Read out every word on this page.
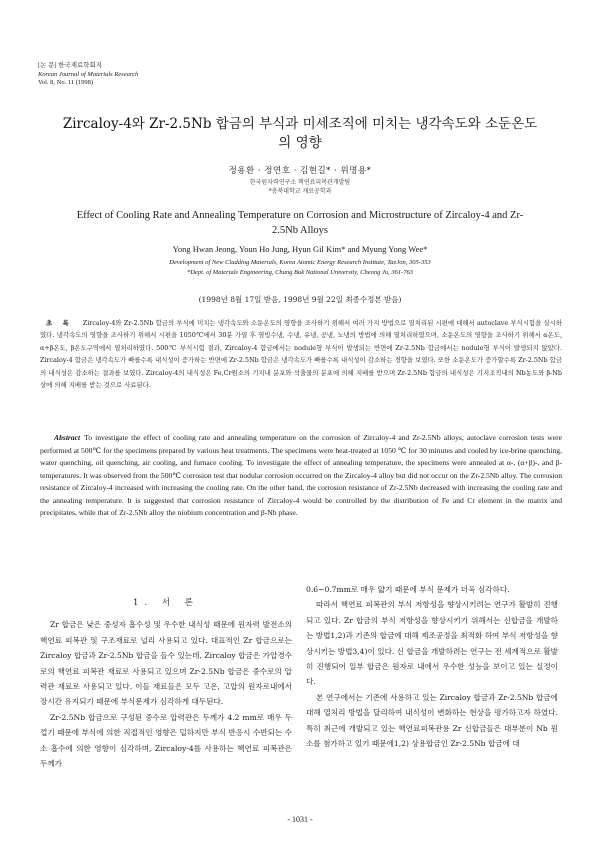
[논 문] 한국재료학회지
Korean Journal of Materials Research
Vol. 8, No. 11 (1998)
Zircaloy-4와 Zr-2.5Nb 합금의 부식과 미세조직에 미치는 냉각속도와 소둔온도의 영향
정용환 · 정연호 · 김현길* · 위명용*
한국원자력연구소 핵연료피복관개발팀
*충북대학교 재료공학과
Effect of Cooling Rate and Annealing Temperature on Corrosion and Microstructure of Zircaloy-4 and Zr-2.5Nb Alloys
Yong Hwan Jeong, Youn Ho Jung, Hyun Gil Kim* and Myung Yong Wee*
Development of New Cladding Materials, Korea Atomic Energy Research Institute, TaeJon, 305-353
*Dept. of Materials Engineering, Chung Buk National University, Cheong Ju, 361-763
(1998년 8월 17일 받음, 1998년 9월 22일 최종수정본 받음)
초 록 Zircaloy-4와 Zr-2.5Nb 합금의 부식에 미치는 냉각속도와 소둔온도의 영향을 조사하기 위해서 여러 가지 방법으로 열처리된 시편에 대해서 autoclave 부식시험을 실시하였다. 냉각속도의 영향을 조사하기 위해서 시편을 1050℃에서 30분 가열 후 염빙수냉, 수냉, 유냉, 공냉, 노냉의 방법에 의해 열처리하였으며, 소둔온도의 영향을 조사하기 위해서 α온도, α+β온도, β온도구역에서 열처리하였다. 500℃ 부식시험 결과, Zircaloy-4 합금에서는 nodule형 부식이 발생되는 반면에 Zr-2.5Nb 합금에서는 nodule형 부식이 발생되지 않았다. Zircaloy-4 합금은 냉각속도가 빠를수록 내식성이 증가하는 반면에 Zr-2.5Nb 합금은 냉각속도가 빠를수록 내식성이 감소하는 경향을 보였다. 또한 소둔온도가 증가할수록 Zr-2.5Nb 합금의 내식성은 감소하는 결과를 보였다. Zircaloy-4의 내식성은 Fe,Cr원소의 기지내 분포와 석출물의 분포에 의해 지배를 받으며 Zr-2.5Nb 합금의 내식성은 기지조직내의 Nb농도와 β-Nb상에 의해 지배를 받는 것으로 사료된다.
Abstract To investigate the effect of cooling rate and annealing temperature on the corrosion of Zircaloy-4 and Zr-2.5Nb alloys, autoclave corrosion tests were performed at 500℃ for the specimens prepared by various heat treatments. The specimens were heat-treated at 1050 ℃ for 30 minutes and cooled by ice-brine quenching, water quenching, oil quenching, air cooling, and furnace cooling. To investigate the effect of annealing temperature, the specimens were annealed at α-, (α+β)-, and β-temperatures. It was observed from the 500℃ corrosion test that nodular corrosion occurred on the Zircaloy-4 alloy but did not occur on the Zr-2.5Nb alloy. The corrosion resistance of Zircaloy-4 increased with increasing the cooling rate. On the other hand, the corrosion resistance of Zr-2.5Nb decreased with increasing the cooling rate and the annealing temperature. It is suggested that corrosion resistance of Zircaloy-4 would be controlled by the distribution of Fe and Cr element in the matrix and precipitates, while that of Zr-2.5Nb alloy the niobium concentration and β-Nb phase.
1. 서 론

Zr 합금은 낮은 중성자 흡수성 및 우수한 내식성 때문에 원자력 발전소의 핵연료 피복관 및 구조재료로 널리 사용되고 있다. 대표적인 Zr 합금으로는 Zircaloy 합금과 Zr-2.5Nb 합금을 들수 있는데, Zircaloy 합금은 가압경수로의 핵연료 피복관 재료로 사용되고 있으며 Zr-2.5Nb 합금은 중수로의 압력관 재료로 사용되고 있다. 이들 재료들은 모두 고온, 고압의 원자로내에서 장시간 유지되기 때문에 부식문제가 심각하게 대두된다.

Zr-2.5Nb 합금으로 구성된 중수로 압력관은 두께가 4.2 mm로 매우 두껍기 때문에 부식에 의한 직접적인 영향은 덜하지만 부식 반응시 수반되는 수소 흡수에 의한 영향이 심각하며, Zircaloy-4를 사용하는 핵연료 피복관은 두께가

0.6~0.7mm로 매우 얇기 때문에 부식 문제가 더욱 심각하다.

따라서 핵연료 피복관의 부식 저항성을 향상시키려는 연구가 활발히 진행되고 있다. Zr 합금의 부식 저항성을 향상시키기 위해서는 신합금을 개발하는 방법1,2)과 기존의 합금에 대해 제조공정을 최적화 하여 부식 저항성을 향상시키는 방법3,4)이 있다. 신 합금을 개발하려는 연구는 전 세계적으로 활발히 진행되어 일부 합금은 원자로 내에서 우수한 성능을 보이고 있는 실정이다.

본 연구에서는 기존에 사용하고 있는 Zircaloy 합금과 Zr-2.5Nb 합금에 대해 열처리 방법을 달리하여 내식성이 변화하는 현상을 평가하고자 하였다. 특히 최근에 개발되고 있는 핵연료피복관용 Zr 신합금들은 대부분이 Nb 원소를 첨가하고 있기 때문에1,2) 상용합금인 Zr-2.5Nb 합금에 대

- 1031 -
